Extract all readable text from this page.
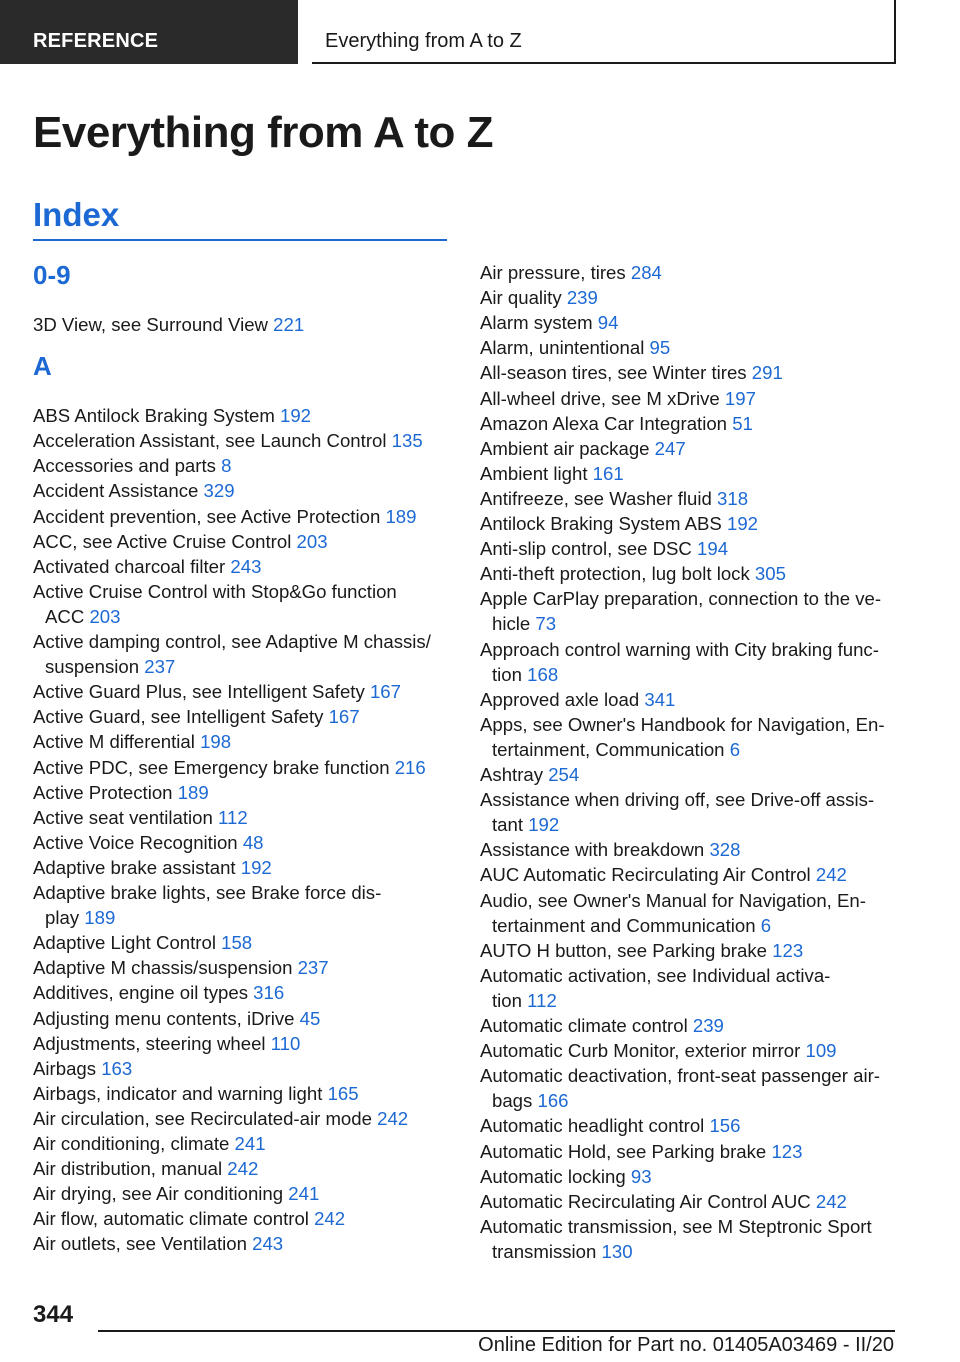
REFERENCE	Everything from A to Z
Everything from A to Z
Index
0-9
3D View, see Surround View 221
A
ABS Antilock Braking System 192
Acceleration Assistant, see Launch Control 135
Accessories and parts 8
Accident Assistance 329
Accident prevention, see Active Protection 189
ACC, see Active Cruise Control 203
Activated charcoal filter 243
Active Cruise Control with Stop&Go function
ACC 203
Active damping control, see Adaptive M chassis/
suspension 237
Active Guard Plus, see Intelligent Safety 167
Active Guard, see Intelligent Safety 167
Active M differential 198
Active PDC, see Emergency brake function 216
Active Protection 189
Active seat ventilation 112
Active Voice Recognition 48
Adaptive brake assistant 192
Adaptive brake lights, see Brake force dis‐
play 189
Adaptive Light Control 158
Adaptive M chassis/suspension 237
Additives, engine oil types 316
Adjusting menu contents, iDrive 45
Adjustments, steering wheel 110
Airbags 163
Airbags, indicator and warning light 165
Air circulation, see Recirculated-air mode 242
Air conditioning, climate 241
Air distribution, manual 242
Air drying, see Air conditioning 241
Air flow, automatic climate control 242
Air outlets, see Ventilation 243
Air pressure, tires 284
Air quality 239
Alarm system 94
Alarm, unintentional 95
All-season tires, see Winter tires 291
All-wheel drive, see M xDrive 197
Amazon Alexa Car Integration 51
Ambient air package 247
Ambient light 161
Antifreeze, see Washer fluid 318
Antilock Braking System ABS 192
Anti-slip control, see DSC 194
Anti-theft protection, lug bolt lock 305
Apple CarPlay preparation, connection to the ve‐
hicle 73
Approach control warning with City braking func‐
tion 168
Approved axle load 341
Apps, see Owner's Handbook for Navigation, En‐
tertainment, Communication 6
Ashtray 254
Assistance when driving off, see Drive-off assis‐
tant 192
Assistance with breakdown 328
AUC Automatic Recirculating Air Control 242
Audio, see Owner's Manual for Navigation, En‐
tertainment and Communication 6
AUTO H button, see Parking brake 123
Automatic activation, see Individual activa‐
tion 112
Automatic climate control 239
Automatic Curb Monitor, exterior mirror 109
Automatic deactivation, front-seat passenger air‐
bags 166
Automatic headlight control 156
Automatic Hold, see Parking brake 123
Automatic locking 93
Automatic Recirculating Air Control AUC 242
Automatic transmission, see M Steptronic Sport
transmission 130
344
Online Edition for Part no. 01405A03469 - II/20
